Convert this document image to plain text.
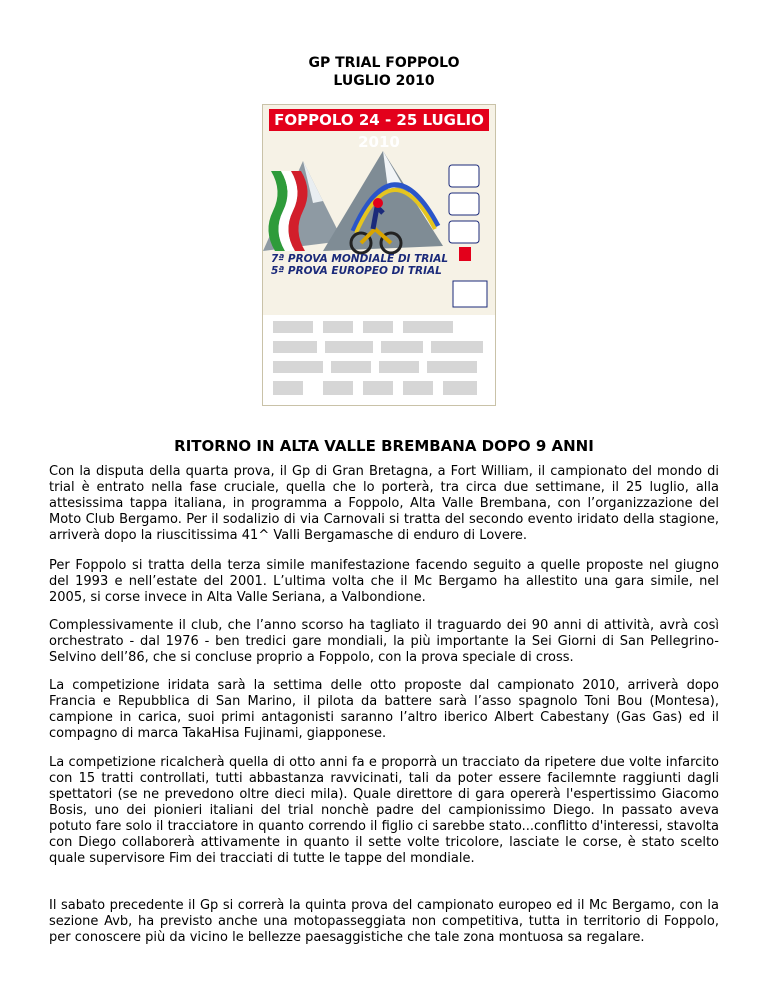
GP TRIAL FOPPOLO
LUGLIO 2010
FOPPOLO 24 - 25 LUGLIO 2010
7ª PROVA MONDIALE DI TRIAL
5ª PROVA EUROPEO DI TRIAL
RITORNO IN ALTA VALLE BREMBANA DOPO 9 ANNI

Con la disputa della quarta prova, il Gp di Gran Bretagna, a Fort William, il campionato del mondo di trial è entrato nella fase cruciale, quella che lo porterà, tra circa due settimane, il 25 luglio, alla attesissima tappa italiana, in programma a Foppolo, Alta Valle Brembana, con l’organizzazione del Moto Club Bergamo. Per il sodalizio di via Carnovali si tratta del secondo evento iridato della stagione, arriverà dopo la riuscitissima 41^ Valli Bergamasche di enduro di Lovere.

Per Foppolo si tratta della terza simile manifestazione facendo seguito a quelle proposte nel giugno del 1993 e nell’estate del 2001. L’ultima volta che il Mc Bergamo ha allestito una gara simile, nel 2005, si corse invece in Alta Valle Seriana, a Valbondione.

Complessivamente il club, che l’anno scorso ha tagliato il traguardo dei 90 anni di attività, avrà così orchestrato - dal 1976 - ben tredici gare mondiali, la più importante la Sei Giorni di San Pellegrino-Selvino dell’86, che si concluse proprio a Foppolo, con la prova speciale di cross.

La competizione iridata sarà la settima delle otto proposte dal campionato 2010, arriverà dopo Francia e Repubblica di San Marino, il pilota da battere sarà l’asso spagnolo Toni Bou (Montesa), campione in carica, suoi primi antagonisti saranno l’altro iberico Albert Cabestany (Gas Gas) ed il compagno di marca TakaHisa Fujinami, giapponese.

La competizione ricalcherà quella di otto anni fa e proporrà un tracciato da ripetere due volte infarcito con 15 tratti controllati, tutti abbastanza ravvicinati, tali da poter essere facilemnte raggiunti dagli spettatori (se ne prevedono oltre dieci mila). Quale direttore di gara opererà l'espertissimo Giacomo Bosis, uno dei pionieri italiani del trial nonchè padre del campionissimo Diego. In passato aveva potuto fare solo il tracciatore in quanto correndo il figlio ci sarebbe stato...conflitto d'interessi, stavolta con Diego collaborerà attivamente in quanto il sette volte tricolore, lasciate le corse, è stato scelto quale supervisore Fim dei tracciati di tutte le tappe del mondiale.

Il sabato precedente il Gp si correrà la quinta prova del campionato europeo ed il Mc Bergamo, con la sezione Avb, ha previsto anche una motopasseggiata non competitiva, tutta in territorio di Foppolo, per conoscere più da vicino le bellezze paesaggistiche che tale zona montuosa sa regalare.
